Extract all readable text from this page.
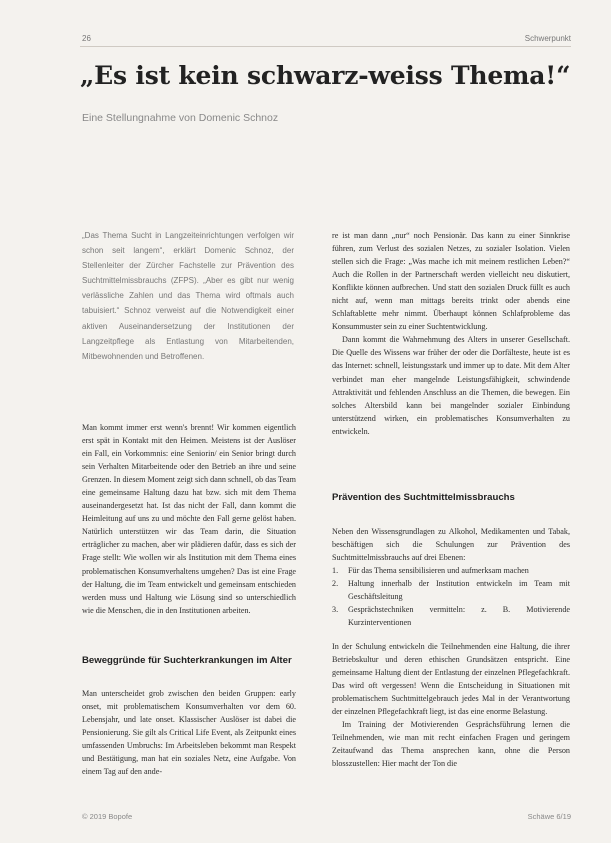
26	Schwerpunkt
„Es ist kein schwarz-weiss Thema!“
Eine Stellungnahme von Domenic Schnoz
„Das Thema Sucht in Langzeiteinrichtungen verfolgen wir schon seit langem“, erklärt Domenic Schnoz, der Stellenleiter der Zürcher Fachstelle zur Prävention des Suchtmittelmissbrauchs (ZFPS). „Aber es gibt nur wenig verlässliche Zahlen und das Thema wird oftmals auch tabuisiert.“ Schnoz verweist auf die Notwendigkeit einer aktiven Auseinandersetzung der Institutionen der Langzeitpflege als Entlastung von Mitarbeitenden, Mitbewohnenden und Betroffenen.

Man kommt immer erst wenn's brennt! Wir kommen eigentlich erst spät in Kontakt mit den Heimen. Meistens ist der Auslöser ein Fall, ein Vorkommnis: eine Seniorin/ ein Senior bringt durch sein Verhalten Mitarbeitende oder den Betrieb an ihre und seine Grenzen. In diesem Moment zeigt sich dann schnell, ob das Team eine gemeinsame Haltung dazu hat bzw. sich mit dem Thema auseinandergesetzt hat. Ist das nicht der Fall, dann kommt die Heimleitung auf uns zu und möchte den Fall gerne gelöst haben. Natürlich unterstützen wir das Team darin, die Situation erträglicher zu machen, aber wir plädieren dafür, dass es sich der Frage stellt: Wie wollen wir als Institution mit dem Thema eines problematischen Konsumverhaltens umgehen? Das ist eine Frage der Haltung, die im Team entwickelt und gemeinsam entschieden werden muss und Haltung wie Lösung sind so unterschiedlich wie die Menschen, die in den Institutionen arbeiten.

Beweggründe für Suchterkrankungen im Alter

Man unterscheidet grob zwischen den beiden Gruppen: early onset, mit problematischem Konsumverhalten vor dem 60. Lebensjahr, und late onset. Klassischer Auslöser ist dabei die Pensionierung. Sie gilt als Critical Life Event, als Zeitpunkt eines umfassenden Umbruchs: Im Arbeitsleben bekommt man Respekt und Bestätigung, man hat ein soziales Netz, eine Aufgabe. Von einem Tag auf den ande-

re ist man dann „nur“ noch Pensionär. Das kann zu einer Sinnkrise führen, zum Verlust des sozialen Netzes, zu sozialer Isolation. Vielen stellen sich die Frage: „Was mache ich mit meinem restlichen Leben?“ Auch die Rollen in der Partnerschaft werden vielleicht neu diskutiert, Konflikte können aufbrechen. Und statt den sozialen Druck füllt es auch nicht auf, wenn man mittags bereits trinkt oder abends eine Schlaftablette mehr nimmt. Überhaupt können Schlafprobleme das Konsummuster sein zu einer Suchtentwicklung.

Dann kommt die Wahrnehmung des Alters in unserer Gesellschaft. Die Quelle des Wissens war früher der oder die Dorfälteste, heute ist es das Internet: schnell, leistungsstark und immer up to date. Mit dem Alter verbindet man eher mangelnde Leistungsfähigkeit, schwindende Attraktivität und fehlenden Anschluss an die Themen, die bewegen. Ein solches Altersbild kann bei mangelnder sozialer Einbindung unterstützend wirken, ein problematisches Konsumverhalten zu entwickeln.

Prävention des Suchtmittelmissbrauchs

Neben den Wissensgrundlagen zu Alkohol, Medikamenten und Tabak, beschäftigen sich die Schulungen zur Prävention des Suchtmittelmissbrauchs auf drei Ebenen:

1. Für das Thema sensibilisieren und aufmerksam machen
2. Haltung innerhalb der Institution entwickeln im Team mit Geschäftsleitung
3. Gesprächstechniken vermitteln: z. B. Motivierende Kurzinterventionen

In der Schulung entwickeln die Teilnehmenden eine Haltung, die ihrer Betriebskultur und deren ethischen Grundsätzen entspricht. Eine gemeinsame Haltung dient der Entlastung der einzelnen Pflegefachkraft. Das wird oft vergessen! Wenn die Entscheidung in Situationen mit problematischem Suchtmittelgebrauch jedes Mal in der Verantwortung der einzelnen Pflegefachkraft liegt, ist das eine enorme Belastung.

Im Training der Motivierenden Gesprächsführung lernen die Teilnehmenden, wie man mit recht einfachen Fragen und geringem Zeitaufwand das Thema ansprechen kann, ohne die Person blosszustellen: Hier macht der Ton die

© 2019 Bopofe	Schäwe 6/19
